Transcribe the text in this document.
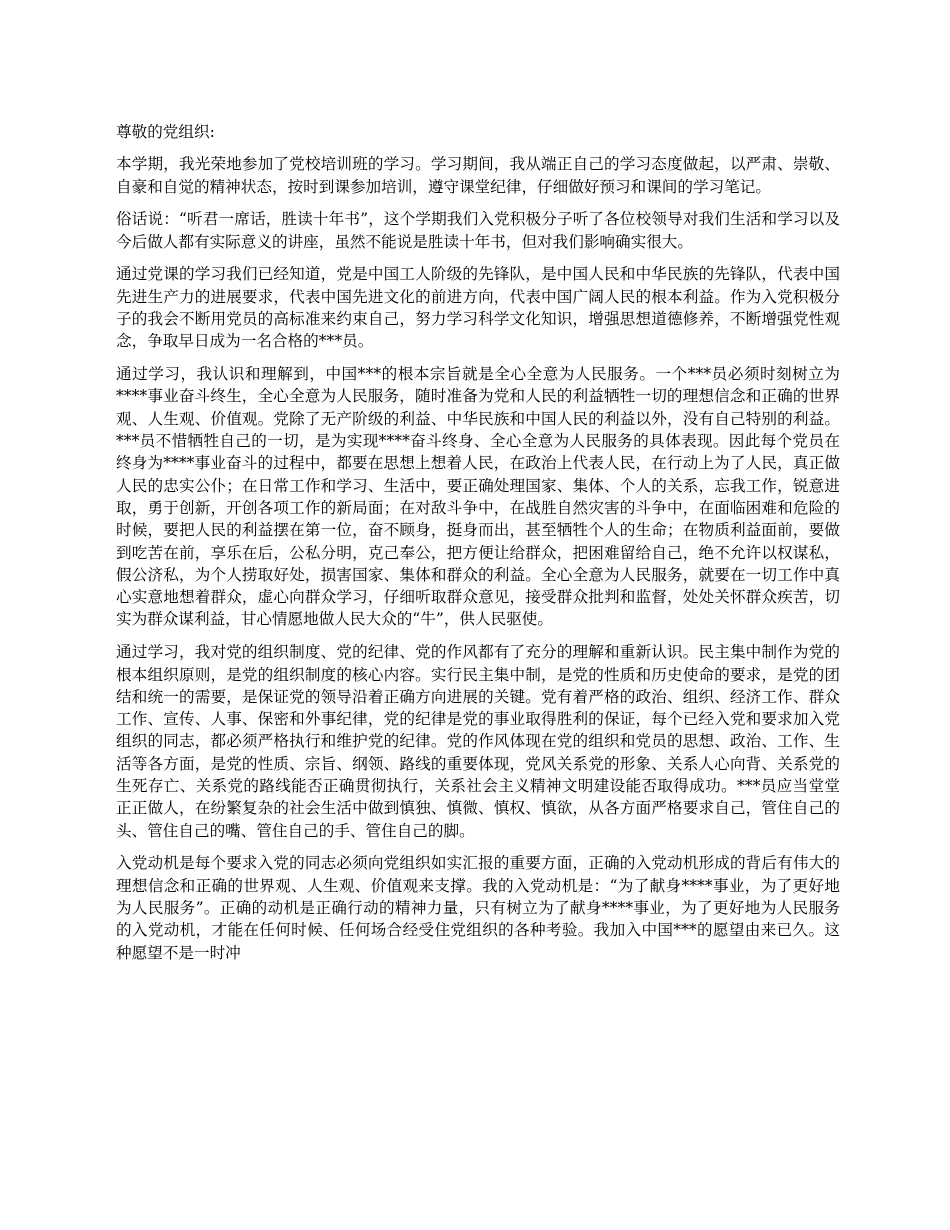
尊敬的党组织:

本学期，我光荣地参加了党校培训班的学习。学习期间，我从端正自己的学习态度做起，以严肃、崇敬、自豪和自觉的精神状态，按时到课参加培训，遵守课堂纪律，仔细做好预习和课间的学习笔记。

俗话说：“听君一席话，胜读十年书”，这个学期我们入党积极分子听了各位校领导对我们生活和学习以及今后做人都有实际意义的讲座，虽然不能说是胜读十年书，但对我们影响确实很大。

通过党课的学习我们已经知道，党是中国工人阶级的先锋队，是中国人民和中华民族的先锋队，代表中国先进生产力的进展要求，代表中国先进文化的前进方向，代表中国广阔人民的根本利益。作为入党积极分子的我会不断用党员的高标准来约束自己，努力学习科学文化知识，增强思想道德修养，不断增强党性观念，争取早日成为一名合格的***员。

通过学习，我认识和理解到，中国***的根本宗旨就是全心全意为人民服务。一个***员必须时刻树立为****事业奋斗终生，全心全意为人民服务，随时准备为党和人民的利益牺牲一切的理想信念和正确的世界观、人生观、价值观。党除了无产阶级的利益、中华民族和中国人民的利益以外，没有自己特别的利益。***员不惜牺牲自己的一切，是为实现****奋斗终身、全心全意为人民服务的具体表现。因此每个党员在终身为****事业奋斗的过程中，都要在思想上想着人民，在政治上代表人民，在行动上为了人民，真正做人民的忠实公仆；在日常工作和学习、生活中，要正确处理国家、集体、个人的关系，忘我工作，锐意进取，勇于创新，开创各项工作的新局面；在对敌斗争中，在战胜自然灾害的斗争中，在面临困难和危险的时候，要把人民的利益摆在第一位，奋不顾身，挺身而出，甚至牺牲个人的生命；在物质利益面前，要做到吃苦在前，享乐在后，公私分明，克己奉公，把方便让给群众，把困难留给自己，绝不允许以权谋私，假公济私，为个人捞取好处，损害国家、集体和群众的利益。全心全意为人民服务，就要在一切工作中真心实意地想着群众，虚心向群众学习，仔细听取群众意见，接受群众批判和监督，处处关怀群众疾苦，切实为群众谋利益，甘心情愿地做人民大众的“牛”，供人民驱使。

通过学习，我对党的组织制度、党的纪律、党的作风都有了充分的理解和重新认识。民主集中制作为党的根本组织原则，是党的组织制度的核心内容。实行民主集中制，是党的性质和历史使命的要求，是党的团结和统一的需要，是保证党的领导沿着正确方向进展的关键。党有着严格的政治、组织、经济工作、群众工作、宣传、人事、保密和外事纪律，党的纪律是党的事业取得胜利的保证，每个已经入党和要求加入党组织的同志，都必须严格执行和维护党的纪律。党的作风体现在党的组织和党员的思想、政治、工作、生活等各方面，是党的性质、宗旨、纲领、路线的重要体现，党风关系党的形象、关系人心向背、关系党的生死存亡、关系党的路线能否正确贯彻执行，关系社会主义精神文明建设能否取得成功。***员应当堂堂正正做人，在纷繁复杂的社会生活中做到慎独、慎微、慎权、慎欲，从各方面严格要求自己，管住自己的头、管住自己的嘴、管住自己的手、管住自己的脚。

入党动机是每个要求入党的同志必须向党组织如实汇报的重要方面，正确的入党动机形成的背后有伟大的理想信念和正确的世界观、人生观、价值观来支撑。我的入党动机是：“为了献身****事业，为了更好地为人民服务”。正确的动机是正确行动的精神力量，只有树立为了献身****事业，为了更好地为人民服务的入党动机，才能在任何时候、任何场合经受住党组织的各种考验。我加入中国***的愿望由来已久。这种愿望不是一时冲
